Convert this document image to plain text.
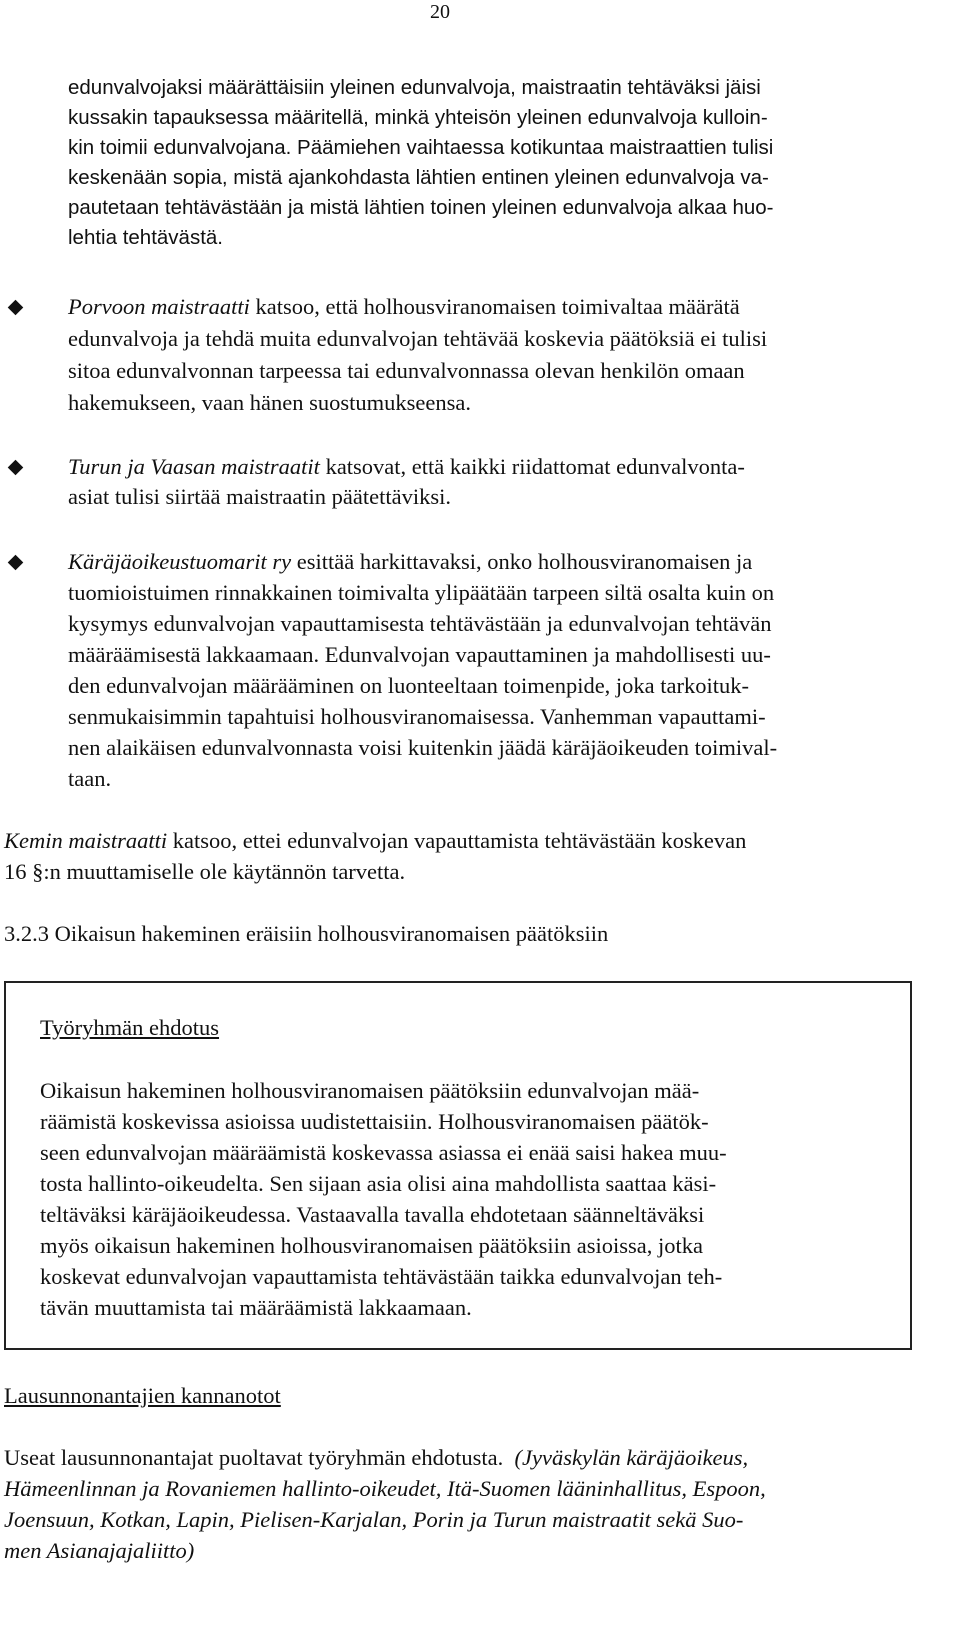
20
edunvalvojaksi määrättäisiin yleinen edunvalvoja, maistraatin tehtäväksi jäisi
kussakin tapauksessa määritellä, minkä yhteisön yleinen edunvalvoja kulloin-
kin toimii edunvalvojana. Päämiehen vaihtaessa kotikuntaa maistraattien tulisi
keskenään sopia, mistä ajankohdasta lähtien entinen yleinen edunvalvoja va-
pautetaan tehtävästään ja mistä lähtien toinen yleinen edunvalvoja alkaa huo-
lehtia tehtävästä.
Porvoon maistraatti katsoo, että holhousviranomaisen toimivaltaa määrätä
edunvalvoja ja tehdä muita edunvalvojan tehtävää koskevia päätöksiä ei tulisi
sitoa edunvalvonnan tarpeessa tai edunvalvonnassa olevan henkilön omaan
hakemukseen, vaan hänen suostumukseensa.
Turun ja Vaasan maistraatit katsovat, että kaikki riidattomat edunvalvonta-
asiat tulisi siirtää maistraatin päätettäviksi.
Käräjäoikeustuomarit ry esittää harkittavaksi, onko holhousviranomaisen ja
tuomioistuimen rinnakkainen toimivalta ylipäätään tarpeen siltä osalta kuin on
kysymys edunvalvojan vapauttamisesta tehtävästään ja edunvalvojan tehtävän
määräämisestä lakkaamaan. Edunvalvojan vapauttaminen ja mahdollisesti uu-
den edunvalvojan määrääminen on luonteeltaan toimenpide, joka tarkoituk-
senmukaisimmin tapahtuisi holhousviranomaisessa. Vanhemman vapauttami-
nen alaikäisen edunvalvonnasta voisi kuitenkin jäädä käräjäoikeuden toimival-
taan.
Kemin maistraatti katsoo, ettei edunvalvojan vapauttamista tehtävästään koskevan
16 §:n muuttamiselle ole käytännön tarvetta.
3.2.3 Oikaisun hakeminen eräisiin holhousviranomaisen päätöksiin
Työryhmän ehdotus
Oikaisun hakeminen holhousviranomaisen päätöksiin edunvalvojan mää-
räämistä koskevissa asioissa uudistettaisiin. Holhousviranomaisen päätök-
seen edunvalvojan määräämistä koskevassa asiassa ei enää saisi hakea muu-
tosta hallinto-oikeudelta. Sen sijaan asia olisi aina mahdollista saattaa käsi-
teltäväksi käräjäoikeudessa. Vastaavalla tavalla ehdotetaan säänneltäväksi
myös oikaisun hakeminen holhousviranomaisen päätöksiin asioissa, jotka
koskevat edunvalvojan vapauttamista tehtävästään taikka edunvalvojan teh-
tävän muuttamista tai määräämistä lakkaamaan.
Lausunnonantajien kannanotot
Useat lausunnonantajat puoltavat työryhmän ehdotusta. (Jyväskylän käräjäoikeus,
Hämeenlinnan ja Rovaniemen hallinto-oikeudet, Itä-Suomen lääninhallitus, Espoon,
Joensuun, Kotkan, Lapin, Pielisen-Karjalan, Porin ja Turun maistraatit sekä Suo-
men Asianajajaliitto)
